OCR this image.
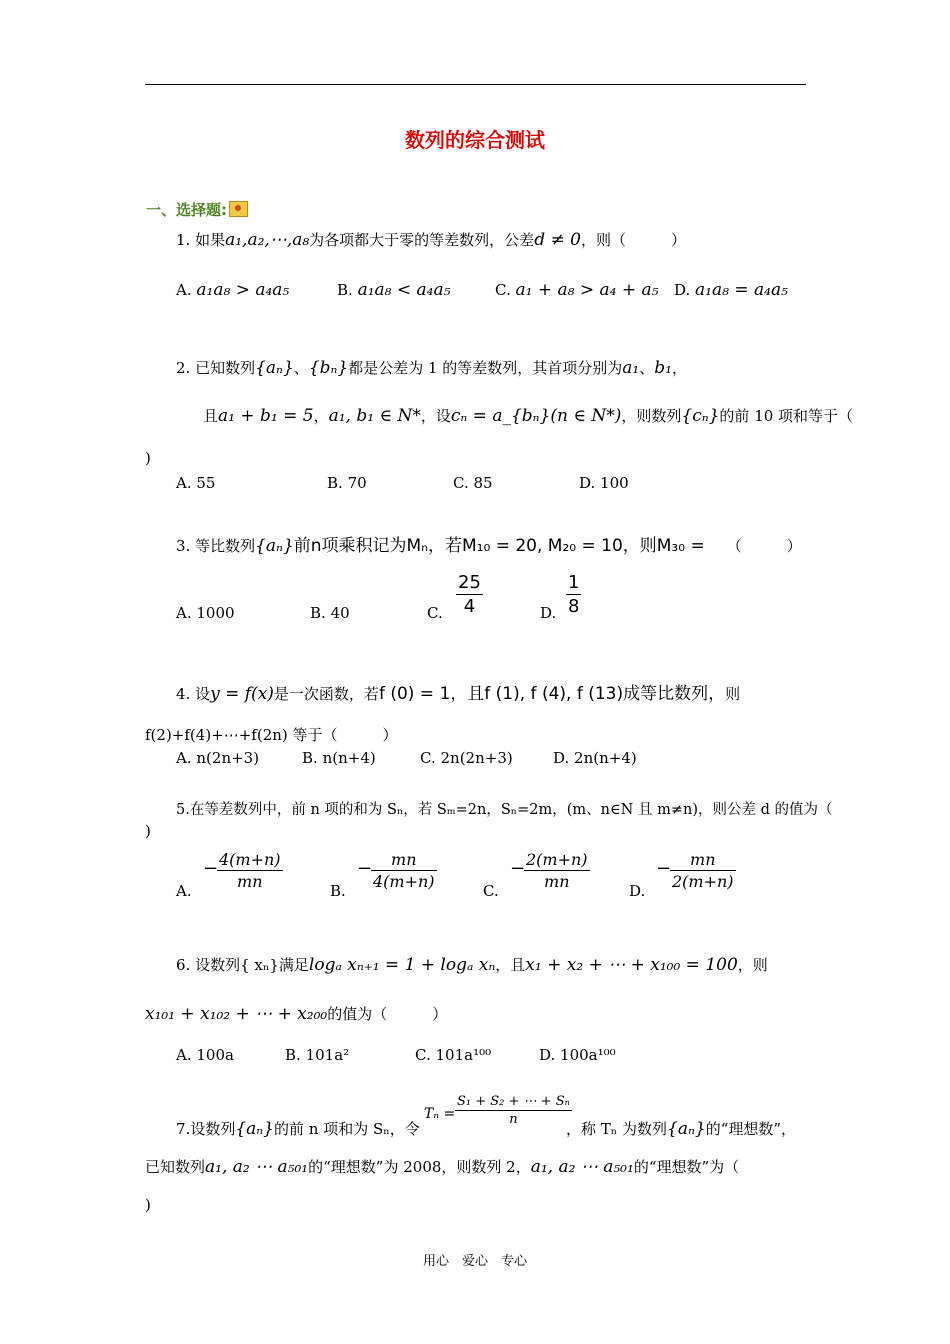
数列的综合测试
一、选择题:
1. 如果a₁,a₂,⋯,a₈为各项都大于零的等差数列，公差d ≠ 0，则（　　　）
A. a₁a₈ > a₄a₅	B. a₁a₈ < a₄a₅	C. a₁ + a₈ > a₄ + a₅ D. a₁a₈ = a₄a₅
2. 已知数列{aₙ}、{bₙ}都是公差为 1 的等差数列，其首项分别为a₁、b₁，
且a₁ + b₁ = 5，a₁, b₁ ∈ N*，设cₙ = a_{bₙ}(n ∈ N*)，则数列{cₙ}的前 10 项和等于（
)
A. 55	B. 70	C. 85	D. 100
3. 等比数列{aₙ}前n项乘积记为Mₙ，若M₁₀ = 20, M₂₀ = 10，则M₃₀ = （　　　）
A. 1000	B. 40	C.
25
4	D.
1
8
4. 设y = f(x)是一次函数，若f (0) = 1，且f (1), f (4), f (13)成等比数列，则
f(2)+f(4)+⋯+f(2n) 等于（　　　）
A. n(2n+3)	B. n(n+4)	C. 2n(2n+3)	D. 2n(n+4)
5.在等差数列中，前 n 项的和为 Sₙ，若 Sₘ=2n，Sₙ=2m，(m、n∈N 且 m≠n)，则公差 d 的值为（
)
A.
− 4(m+n)
mn	B.
−	mn
4(m+n)	C.
− 2(m+n)
mn	D.
−	mn
2(m+n)
6. 设数列{ xₙ}满足logₐ xₙ₊₁ = 1 + logₐ xₙ，且x₁ + x₂ + ⋯ + x₁₀₀ = 100，则
x₁₀₁ + x₁₀₂ + ⋯ + x₂₀₀的值为（　　　）
A. 100a	B. 101a²	C. 101a¹⁰⁰	D. 100a¹⁰⁰
7.设数列{aₙ}的前 n 项和为 Sₙ，令
Tₙ =
S₁ + S₂ + ⋯ + Sₙ
n
，称 Tₙ 为数列{aₙ}的“理想数”，
已知数列a₁, a₂ ⋯ a₅₀₁的“理想数”为 2008，则数列 2，a₁, a₂ ⋯ a₅₀₁的“理想数”为（
)
用心　爱心　专心
